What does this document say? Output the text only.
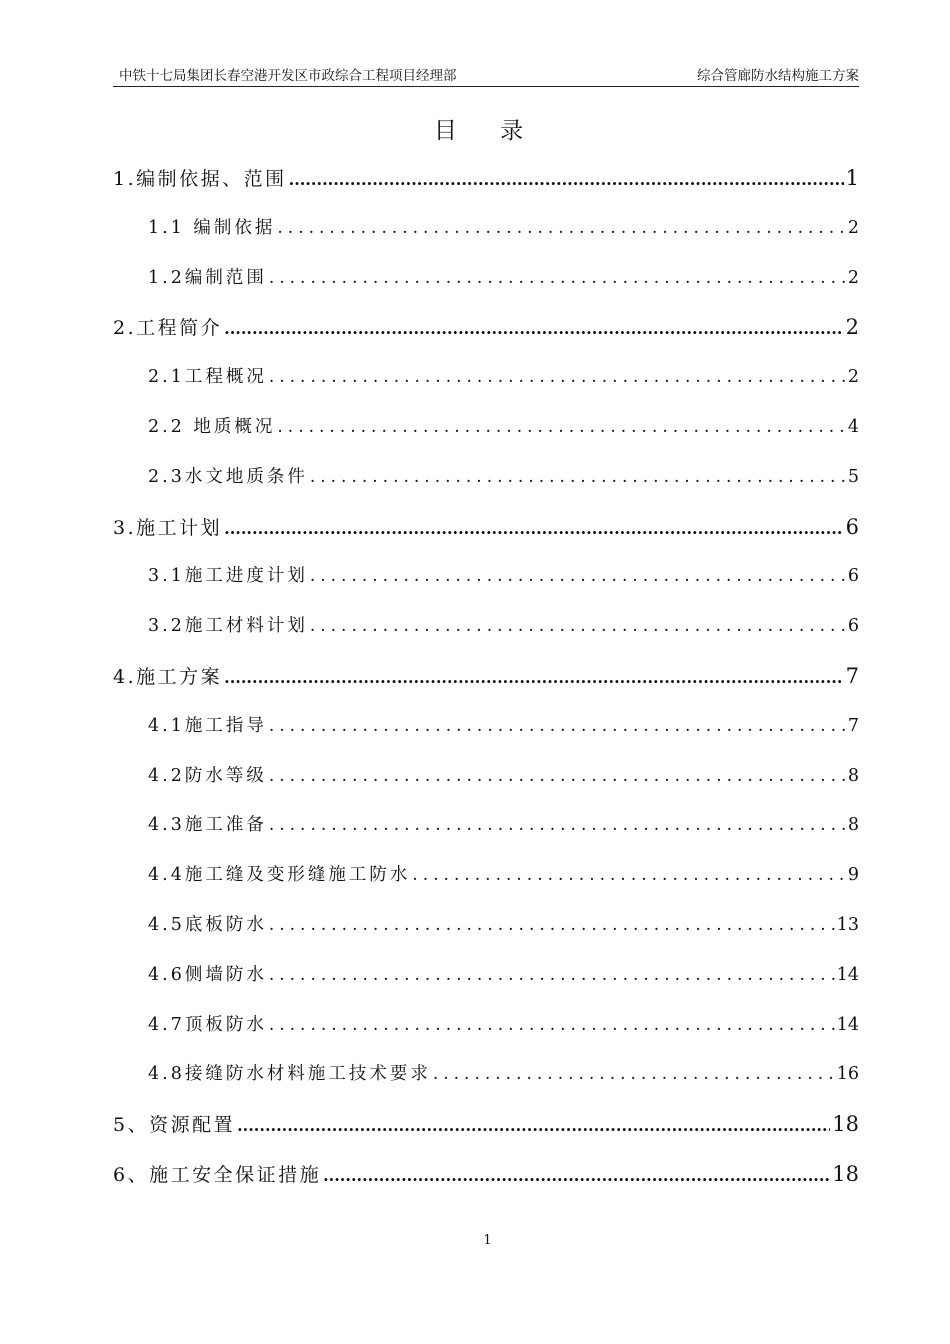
中铁十七局集团长春空港开发区市政综合工程项目经理部	综合管廊防水结构施工方案
目 录
1.编制依据、范围 .....	1
1.1 编制依据 .....	2
1.2编制范围 .....	2
2.工程简介 .....	2
2.1工程概况 .....	2
2.2 地质概况 .....	4
2.3水文地质条件 .....	5
3.施工计划 .....	6
3.1施工进度计划 .....	6
3.2施工材料计划 .....	6
4.施工方案 .....	7
4.1施工指导 .....	7
4.2防水等级 .....	8
4.3施工准备 .....	8
4.4施工缝及变形缝施工防水 .....	9
4.5底板防水 .....	13
4.6侧墙防水 .....	14
4.7顶板防水 .....	14
4.8接缝防水材料施工技术要求 .....	16
5、资源配置 .....	18
6、施工安全保证措施 .....	18
1
